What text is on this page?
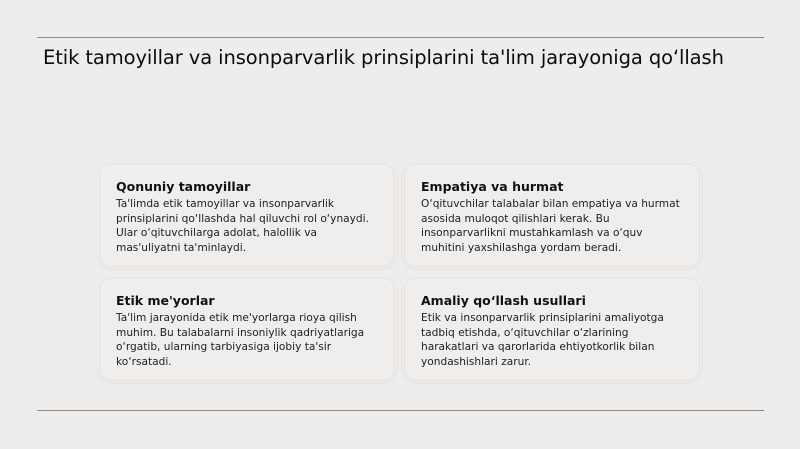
Etik tamoyillar va insonparvarlik prinsiplarini ta'lim jarayoniga qo‘llash

Qonuniy tamoyillar

Ta'limda etik tamoyillar va insonparvarlik prinsiplarini qo‘llashda hal qiluvchi rol o‘ynaydi. Ular o‘qituvchilarga adolat, halollik va mas'uliyatni ta'minlaydi.

Empatiya va hurmat

O‘qituvchilar talabalar bilan empatiya va hurmat asosida muloqot qilishlari kerak. Bu insonparvarlikni mustahkamlash va o‘quv muhitini yaxshilashga yordam beradi.

Etik me'yorlar

Ta'lim jarayonida etik me'yorlarga rioya qilish muhim. Bu talabalarni insoniylik qadriyatlariga o‘rgatib, ularning tarbiyasiga ijobiy ta'sir ko‘rsatadi.

Amaliy qo‘llash usullari

Etik va insonparvarlik prinsiplarini amaliyotga tadbiq etishda, o‘qituvchilar o‘zlarining harakatlari va qarorlarida ehtiyotkorlik bilan yondashishlari zarur.
